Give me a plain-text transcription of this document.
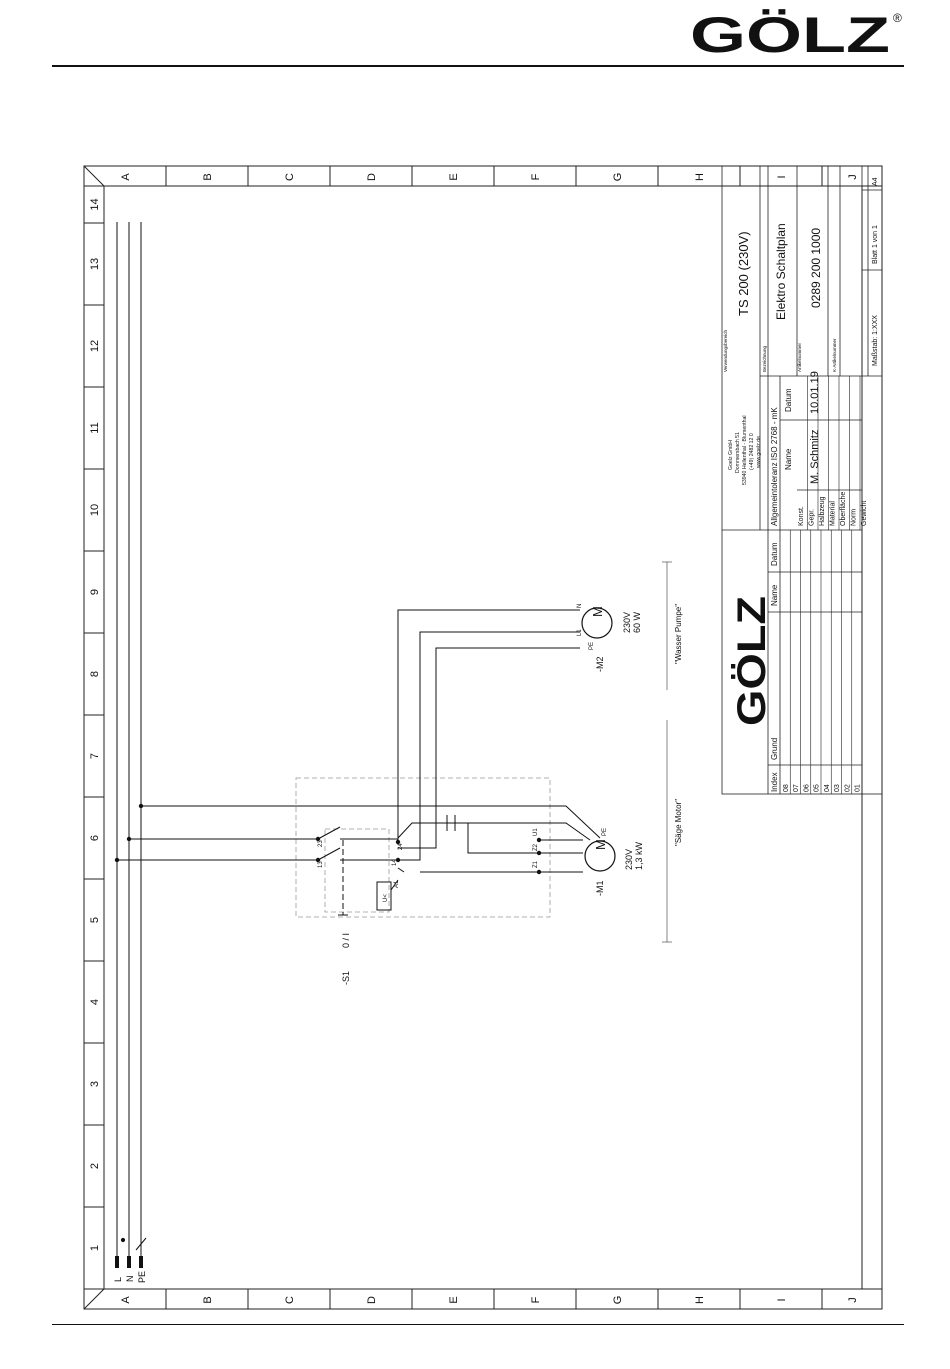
GÖLZ ®
A
A
B
B
C
C
D
D
E
E
F
F
G
G
H
H
I
I
J
J
1
2
3
4
5
6
7
8
9
10
11
12
13
14
L N PE
M
-M1
230V 1,3 kW
U1
Z2
Z1
PE
M
-M2
230V 60 W
N
L1
PE
-S1
0 / I
13
23	24
14
A1
U<
"Wasser Pumpe"
"Säge Motor"
Verwendungsbereich
TS 200 (230V)
Bezeichnung
Elektro Schaltplan
Artikelnummer
0289 200 1000
K-Artikelnummer
Goelz GmbH Dommersbach 51 53940 Hellenthal - Blumenthal (+49) 2482 12 0 www.goelz.de Allgemeintoleranz ISO 2768 - mK Name
Datum
Konst. Gepr. Halbzeug Material Oberfläche Norm Gewicht
M. Schmitz
10.01.19
Index
Grund
Name
Datum
08 07 06 05 04 03 02 01
GÖLZ
Maßstab: 1:XXX
Blatt 1 von 1
A4
